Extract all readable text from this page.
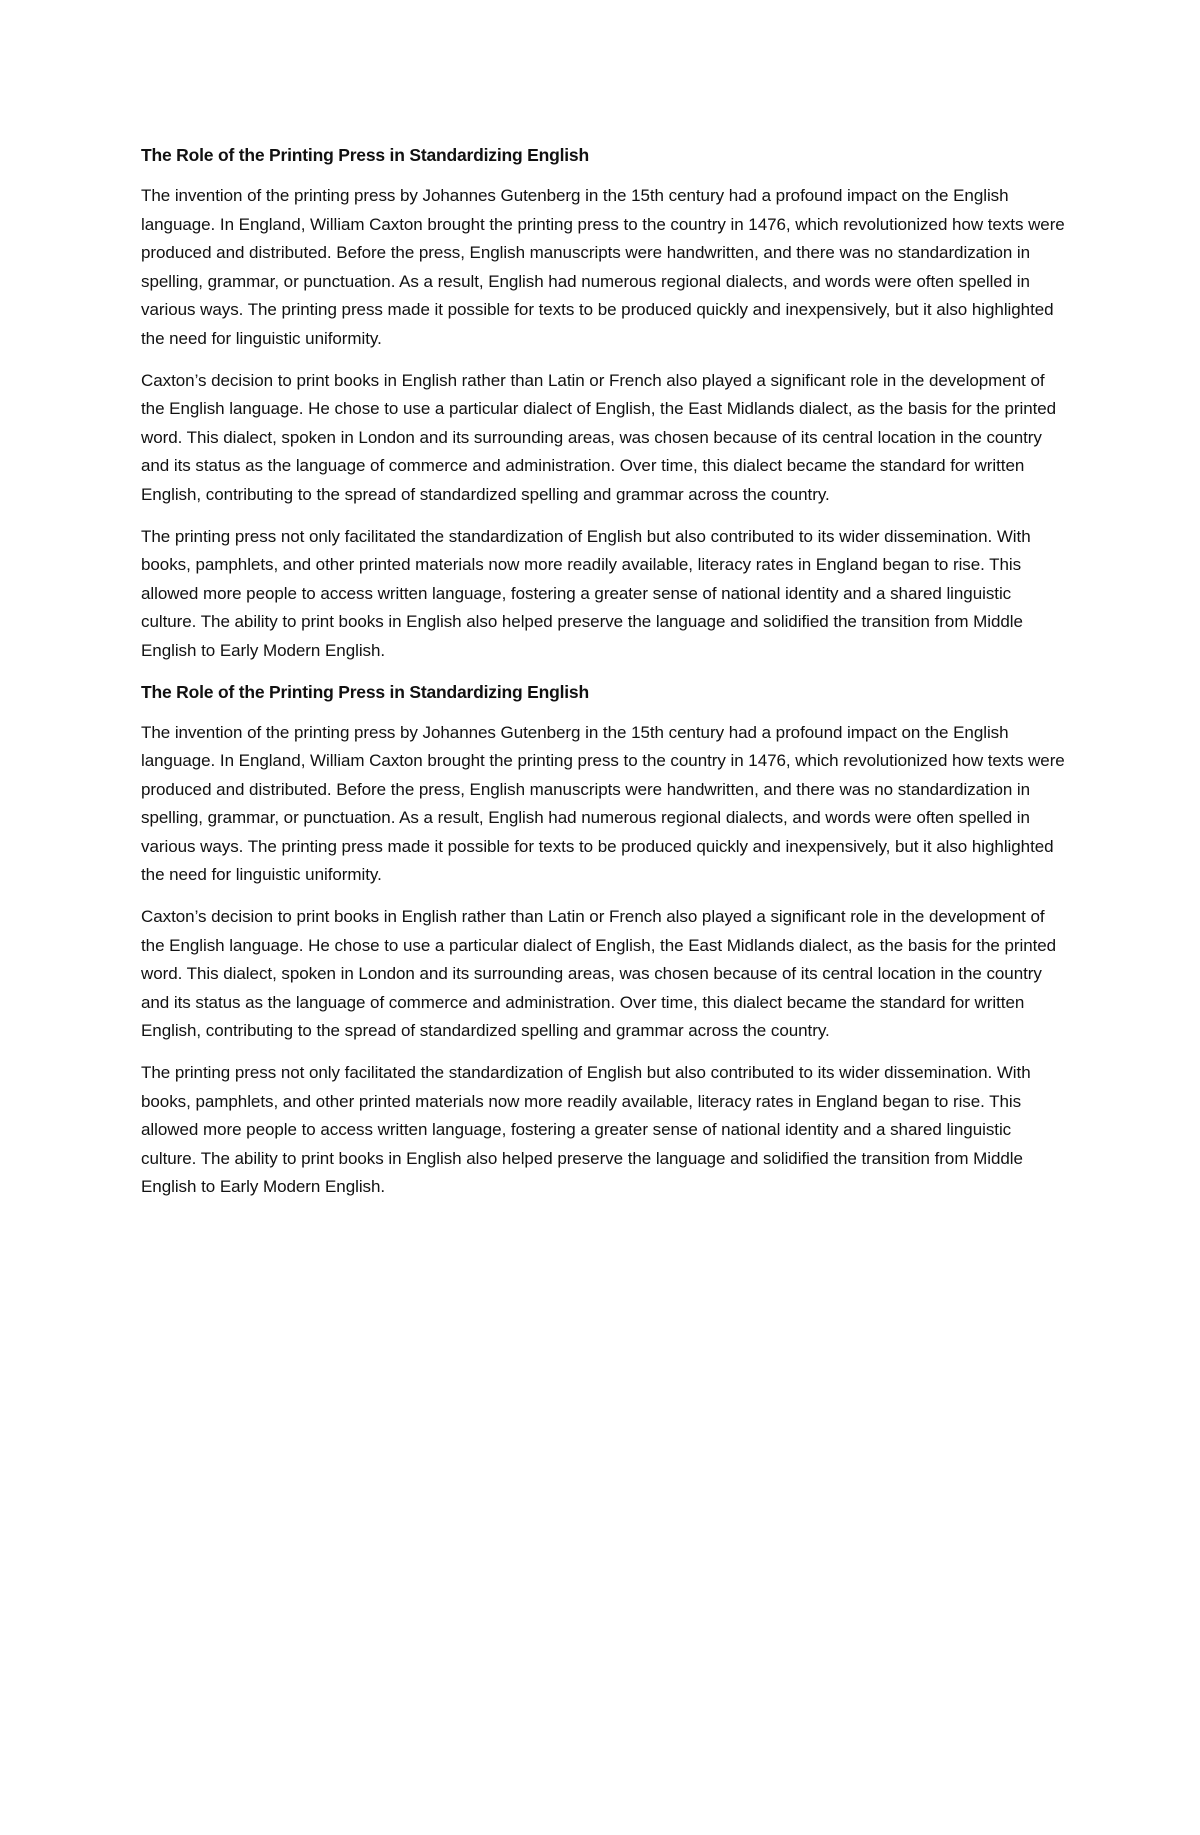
The Role of the Printing Press in Standardizing English

The invention of the printing press by Johannes Gutenberg in the 15th century had a profound impact on the English language. In England, William Caxton brought the printing press to the country in 1476, which revolutionized how texts were produced and distributed. Before the press, English manuscripts were handwritten, and there was no standardization in spelling, grammar, or punctuation. As a result, English had numerous regional dialects, and words were often spelled in various ways. The printing press made it possible for texts to be produced quickly and inexpensively, but it also highlighted the need for linguistic uniformity.

Caxton’s decision to print books in English rather than Latin or French also played a significant role in the development of the English language. He chose to use a particular dialect of English, the East Midlands dialect, as the basis for the printed word. This dialect, spoken in London and its surrounding areas, was chosen because of its central location in the country and its status as the language of commerce and administration. Over time, this dialect became the standard for written English, contributing to the spread of standardized spelling and grammar across the country.

The printing press not only facilitated the standardization of English but also contributed to its wider dissemination. With books, pamphlets, and other printed materials now more readily available, literacy rates in England began to rise. This allowed more people to access written language, fostering a greater sense of national identity and a shared linguistic culture. The ability to print books in English also helped preserve the language and solidified the transition from Middle English to Early Modern English.

The Role of the Printing Press in Standardizing English

The invention of the printing press by Johannes Gutenberg in the 15th century had a profound impact on the English language. In England, William Caxton brought the printing press to the country in 1476, which revolutionized how texts were produced and distributed. Before the press, English manuscripts were handwritten, and there was no standardization in spelling, grammar, or punctuation. As a result, English had numerous regional dialects, and words were often spelled in various ways. The printing press made it possible for texts to be produced quickly and inexpensively, but it also highlighted the need for linguistic uniformity.

Caxton’s decision to print books in English rather than Latin or French also played a significant role in the development of the English language. He chose to use a particular dialect of English, the East Midlands dialect, as the basis for the printed word. This dialect, spoken in London and its surrounding areas, was chosen because of its central location in the country and its status as the language of commerce and administration. Over time, this dialect became the standard for written English, contributing to the spread of standardized spelling and grammar across the country.

The printing press not only facilitated the standardization of English but also contributed to its wider dissemination. With books, pamphlets, and other printed materials now more readily available, literacy rates in England began to rise. This allowed more people to access written language, fostering a greater sense of national identity and a shared linguistic culture. The ability to print books in English also helped preserve the language and solidified the transition from Middle English to Early Modern English.
